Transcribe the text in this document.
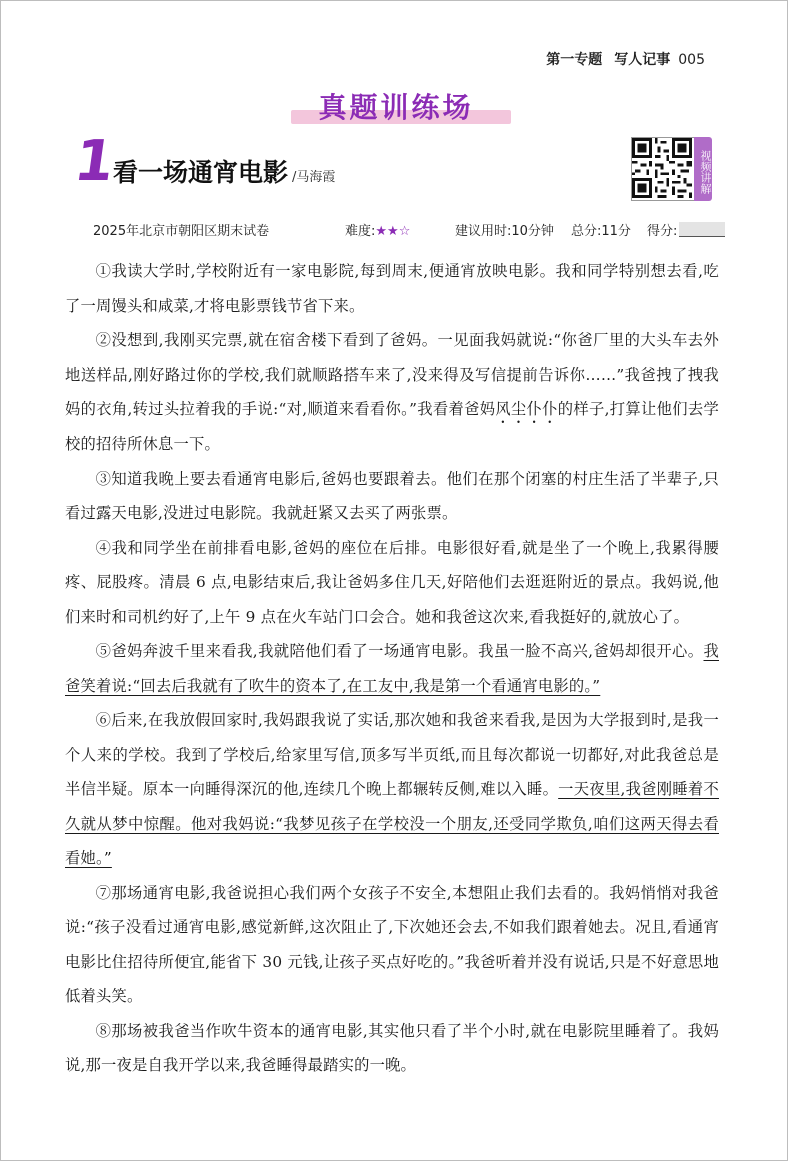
第一专题 写人记事 005
真题训练场
1
看一场通宵电影 /马海霞	视频讲解
2025年北京市朝阳区期末试卷	难度:★★☆	建议用时:10分钟 总分:11分 得分:

①我读大学时,学校附近有一家电影院,每到周末,便通宵放映电影。我和同学特别想去看,吃了一周馒头和咸菜,才将电影票钱节省下来。

②没想到,我刚买完票,就在宿舍楼下看到了爸妈。一见面我妈就说:“你爸厂里的大头车去外地送样品,刚好路过你的学校,我们就顺路搭车来了,没来得及写信提前告诉你……”我爸拽了拽我妈的衣角,转过头拉着我的手说:“对,顺道来看看你。”我看着爸妈风尘仆仆的样子,打算让他们去学校的招待所休息一下。

③知道我晚上要去看通宵电影后,爸妈也要跟着去。他们在那个闭塞的村庄生活了半辈子,只看过露天电影,没进过电影院。我就赶紧又去买了两张票。

④我和同学坐在前排看电影,爸妈的座位在后排。电影很好看,就是坐了一个晚上,我累得腰疼、屁股疼。清晨 6 点,电影结束后,我让爸妈多住几天,好陪他们去逛逛附近的景点。我妈说,他们来时和司机约好了,上午 9 点在火车站门口会合。她和我爸这次来,看我挺好的,就放心了。

⑤爸妈奔波千里来看我,我就陪他们看了一场通宵电影。我虽一脸不高兴,爸妈却很开心。我爸笑着说:“回去后我就有了吹牛的资本了,在工友中,我是第一个看通宵电影的。”

⑥后来,在我放假回家时,我妈跟我说了实话,那次她和我爸来看我,是因为大学报到时,是我一个人来的学校。我到了学校后,给家里写信,顶多写半页纸,而且每次都说一切都好,对此我爸总是半信半疑。原本一向睡得深沉的他,连续几个晚上都辗转反侧,难以入睡。一天夜里,我爸刚睡着不久就从梦中惊醒。他对我妈说:“我梦见孩子在学校没一个朋友,还受同学欺负,咱们这两天得去看看她。”

⑦那场通宵电影,我爸说担心我们两个女孩子不安全,本想阻止我们去看的。我妈悄悄对我爸说:“孩子没看过通宵电影,感觉新鲜,这次阻止了,下次她还会去,不如我们跟着她去。况且,看通宵电影比住招待所便宜,能省下 30 元钱,让孩子买点好吃的。”我爸听着并没有说话,只是不好意思地低着头笑。

⑧那场被我爸当作吹牛资本的通宵电影,其实他只看了半个小时,就在电影院里睡着了。我妈说,那一夜是自我开学以来,我爸睡得最踏实的一晚。
